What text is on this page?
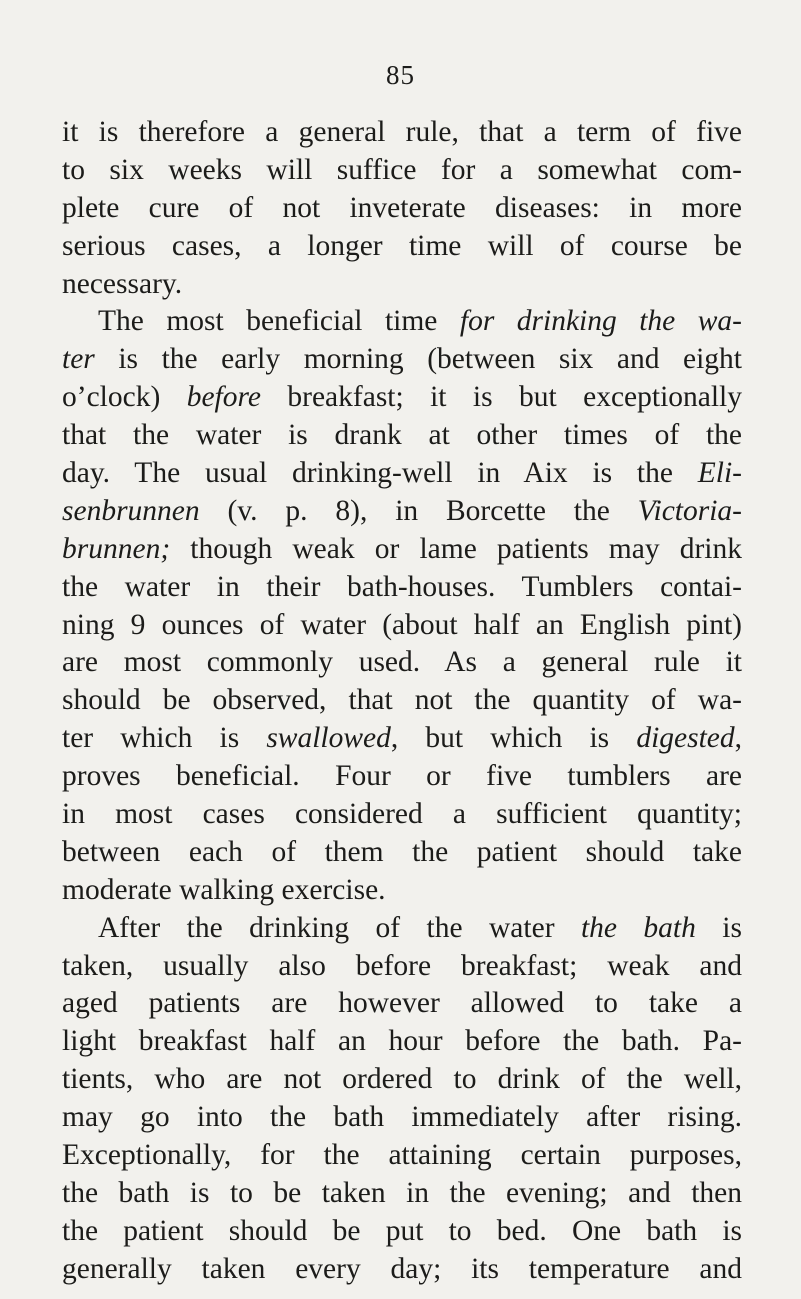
85
it is therefore a general rule, that a term of five
to six weeks will suffice for a somewhat com-
plete cure of not inveterate diseases: in more
serious cases, a longer time will of course be
necessary.
The most beneficial time for drinking the wa-
ter is the early morning (between six and eight
o’clock) before breakfast; it is but exceptionally
that the water is drank at other times of the
day. The usual drinking-well in Aix is the Eli-
senbrunnen (v. p. 8), in Borcette the Victoria-
brunnen; though weak or lame patients may drink
the water in their bath-houses. Tumblers contai-
ning 9 ounces of water (about half an English pint)
are most commonly used. As a general rule it
should be observed, that not the quantity of wa-
ter which is swallowed, but which is digested,
proves beneficial. Four or five tumblers are
in most cases considered a sufficient quantity;
between each of them the patient should take
moderate walking exercise.
After the drinking of the water the bath is
taken, usually also before breakfast; weak and
aged patients are however allowed to take a
light breakfast half an hour before the bath. Pa-
tients, who are not ordered to drink of the well,
may go into the bath immediately after rising.
Exceptionally, for the attaining certain purposes,
the bath is to be taken in the evening; and then
the patient should be put to bed. One bath is
generally taken every day; its temperature and
